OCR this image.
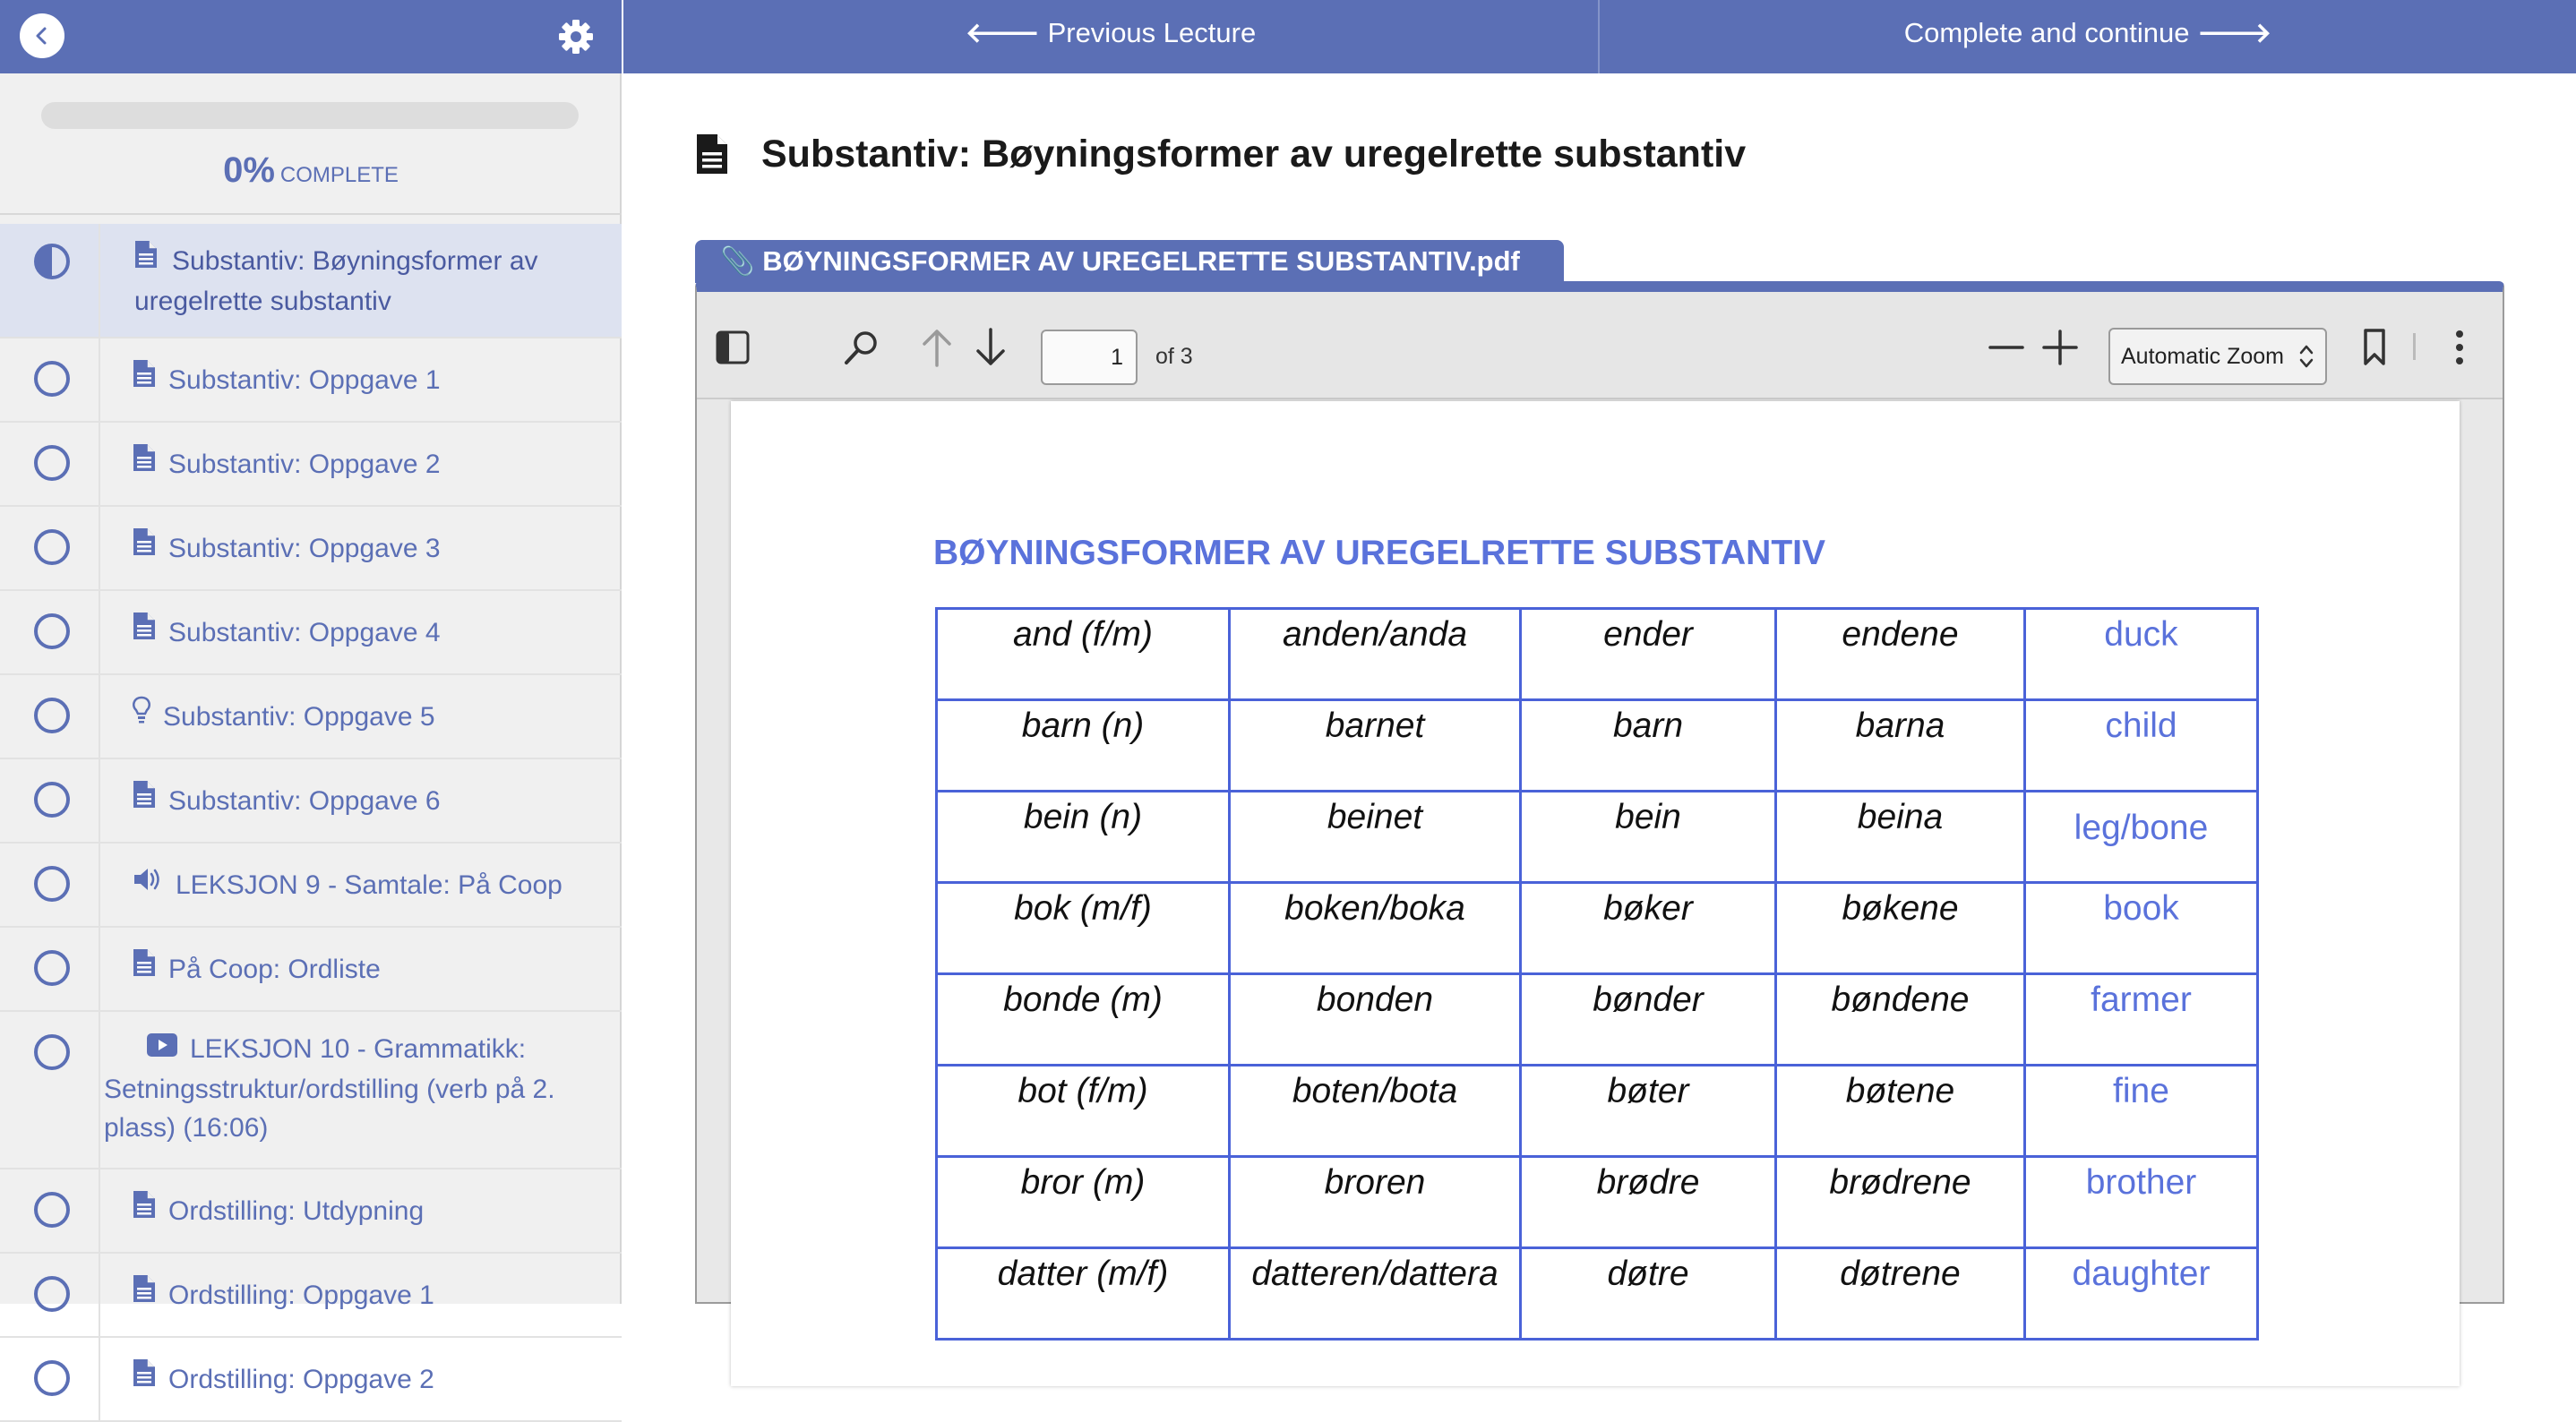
0% COMPLETE
Substantiv: Bøyningsformer av uregelrette substantiv
Substantiv: Oppgave 1
Substantiv: Oppgave 2
Substantiv: Oppgave 3
Substantiv: Oppgave 4
Substantiv: Oppgave 5
Substantiv: Oppgave 6
LEKSJON 9 - Samtale: På Coop
På Coop: Ordliste
LEKSJON 10 - Grammatikk:
Setningsstruktur/ordstilling (verb på 2.
plass) (16:06)
Ordstilling: Utdypning
Ordstilling: Oppgave 1
Ordstilling: Oppgave 2
🡐 Previous Lecture	Complete and continue 🡒
Substantiv: Bøyningsformer av uregelrette substantiv
📎 BØYNINGSFORMER AV UREGELRETTE SUBSTANTIV.pdf
1
of 3	Automatic Zoom
BØYNINGSFORMER AV UREGELRETTE SUBSTANTIV
and (f/m)	anden/anda	ender	endene	duck
barn (n)	barnet	barn	barna	child
bein (n)	beinet	bein	beina	leg/bone
bok (m/f)	boken/boka	bøker	bøkene	book
bonde (m)	bonden	bønder	bøndene	farmer
bot (f/m)	boten/bota	bøter	bøtene	fine
bror (m)	broren	brødre	brødrene	brother
datter (m/f)	datteren/dattera	døtre	døtrene	daughter
